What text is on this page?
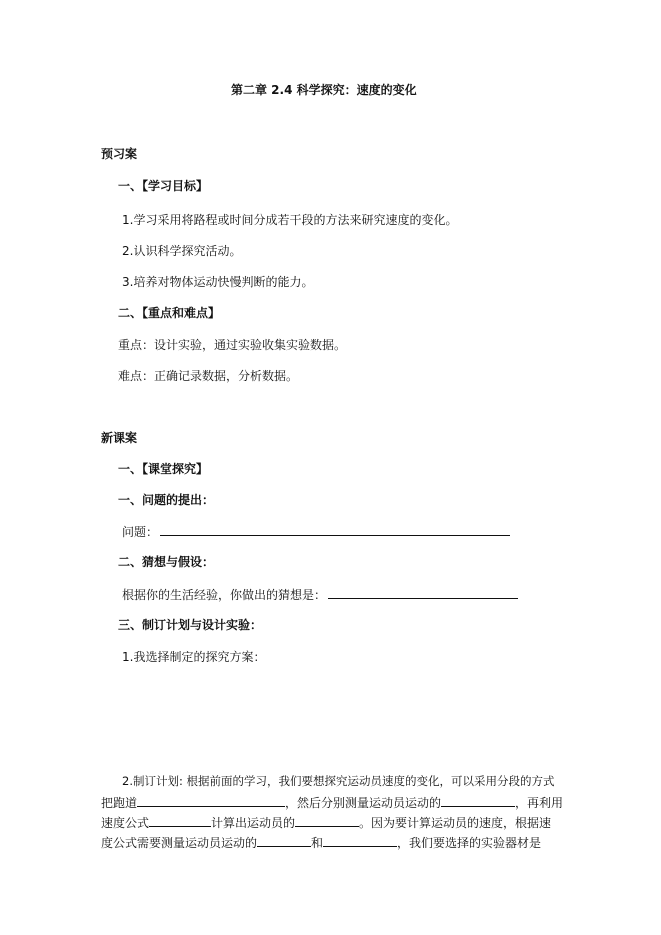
第二章 2.4 科学探究：速度的变化
预习案
一、【学习目标】
1.学习采用将路程或时间分成若干段的方法来研究速度的变化。
2.认识科学探究活动。
3.培养对物体运动快慢判断的能力。
二、【重点和难点】
重点：设计实验，通过实验收集实验数据。
难点：正确记录数据，分析数据。
新课案
一、【课堂探究】
一、问题的提出：
问题：
二、猜想与假设：
根据你的生活经验，你做出的猜想是：
三、制订计划与设计实验：
1.我选择制定的探究方案：
2.制订计划: 根据前面的学习，我们要想探究运动员速度的变化，可以采用分段的方式
把跑道	，然后分别测量运动员运动的	，再利用
速度公式	计算出运动员的	。因为要计算运动员的速度，根据速
度公式需要测量运动员运动的	和	，我们要选择的实验器材是
